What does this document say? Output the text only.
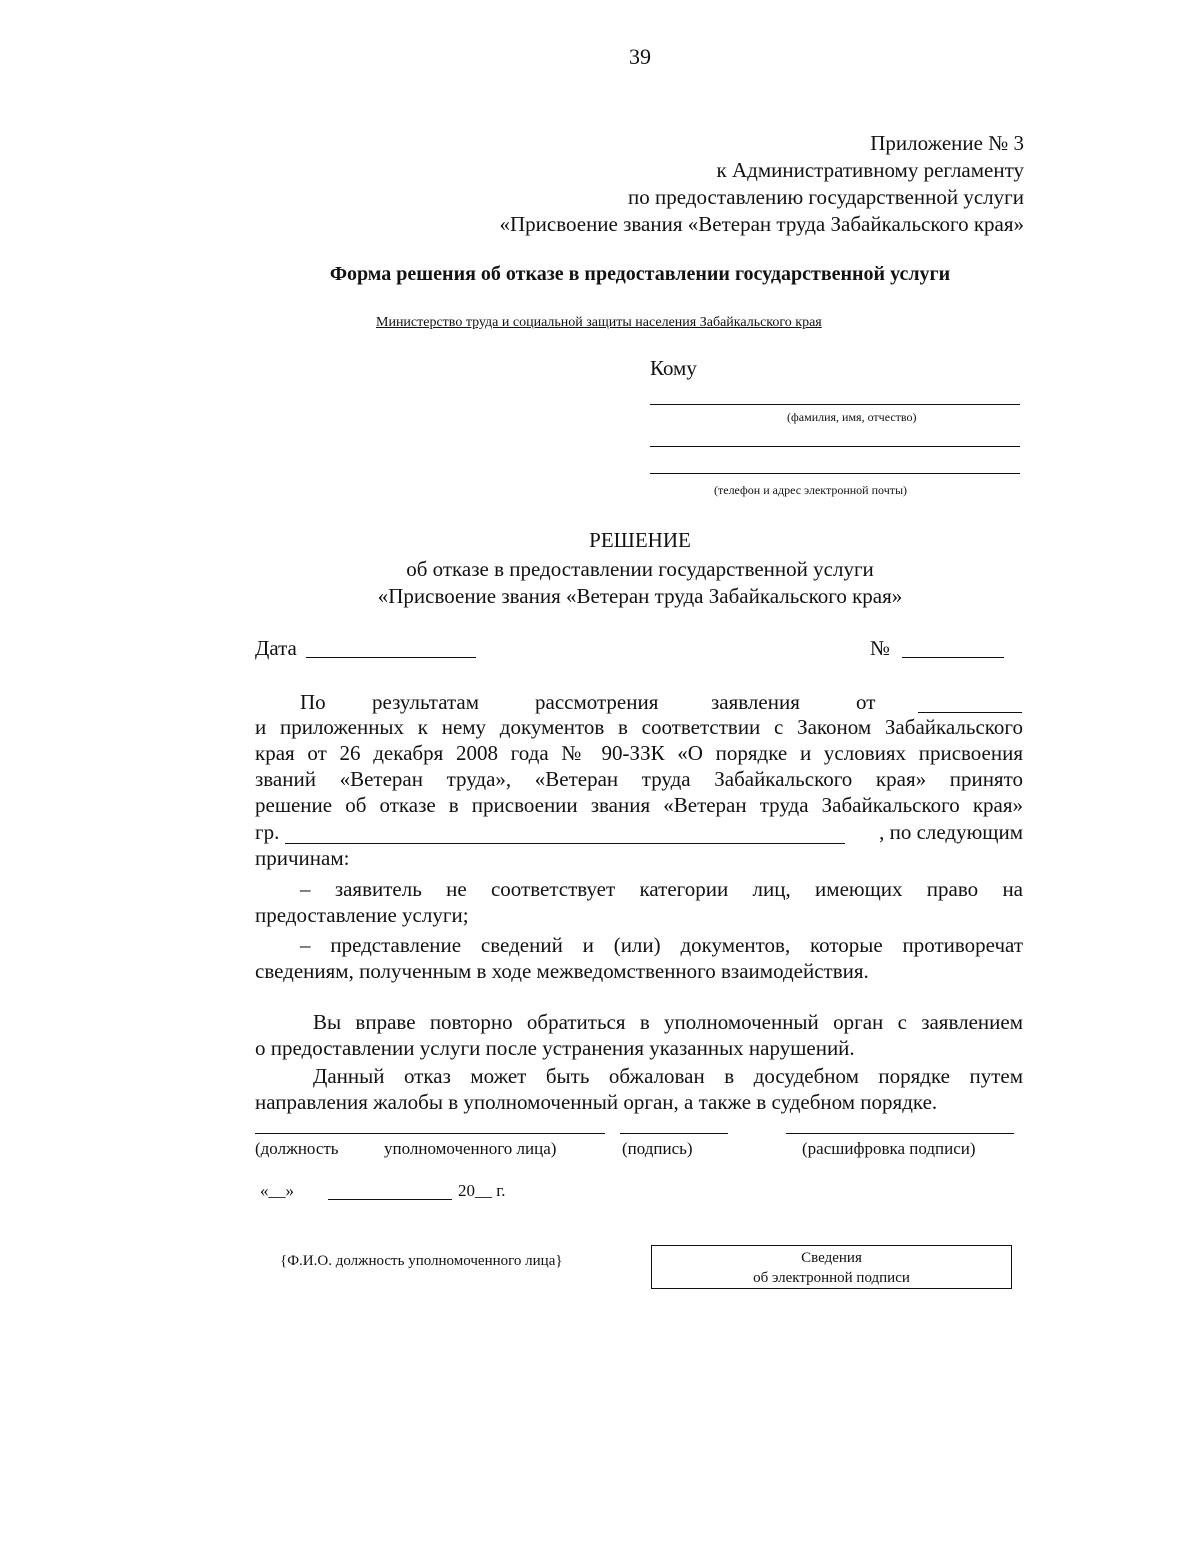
39
Приложение № 3
к Административному регламенту
по предоставлению государственной услуги
«Присвоение звания «Ветеран труда Забайкальского края»
Форма решения об отказе в предоставлении государственной услуги
Министерство труда и социальной защиты населения Забайкальского края
Кому
(фамилия, имя, отчество)
(телефон и адрес электронной почты)
РЕШЕНИЕ
об отказе в предоставлении государственной услуги
«Присвоение звания «Ветеран труда Забайкальского края»
Дата	№
По результатам	рассмотрения	заявления	от
и приложенных к нему документов в соответствии с Законом Забайкальского
края от 26 декабря 2008 года № 90-ЗЗК «О порядке и условиях присвоения
званий «Ветеран труда», «Ветеран труда Забайкальского края» принято
решение об отказе в присвоении звания «Ветеран труда Забайкальского края»
гр.	, по следующим
причинам:
– заявитель не соответствует категории лиц, имеющих право на
предоставление услуги;
– представление сведений и (или) документов, которые противоречат
сведениям, полученным в ходе межведомственного взаимодействия.
Вы вправе повторно обратиться в уполномоченный орган с заявлением
о предоставлении услуги после устранения указанных нарушений.
Данный отказ может быть обжалован в досудебном порядке путем
направления жалобы в уполномоченный орган, а также в судебном порядке.
(должность	уполномоченного лица)	(подпись)	(расшифровка подписи)
«__»	20__ г.
{Ф.И.О. должность уполномоченного лица}	Сведения
об электронной подписи
